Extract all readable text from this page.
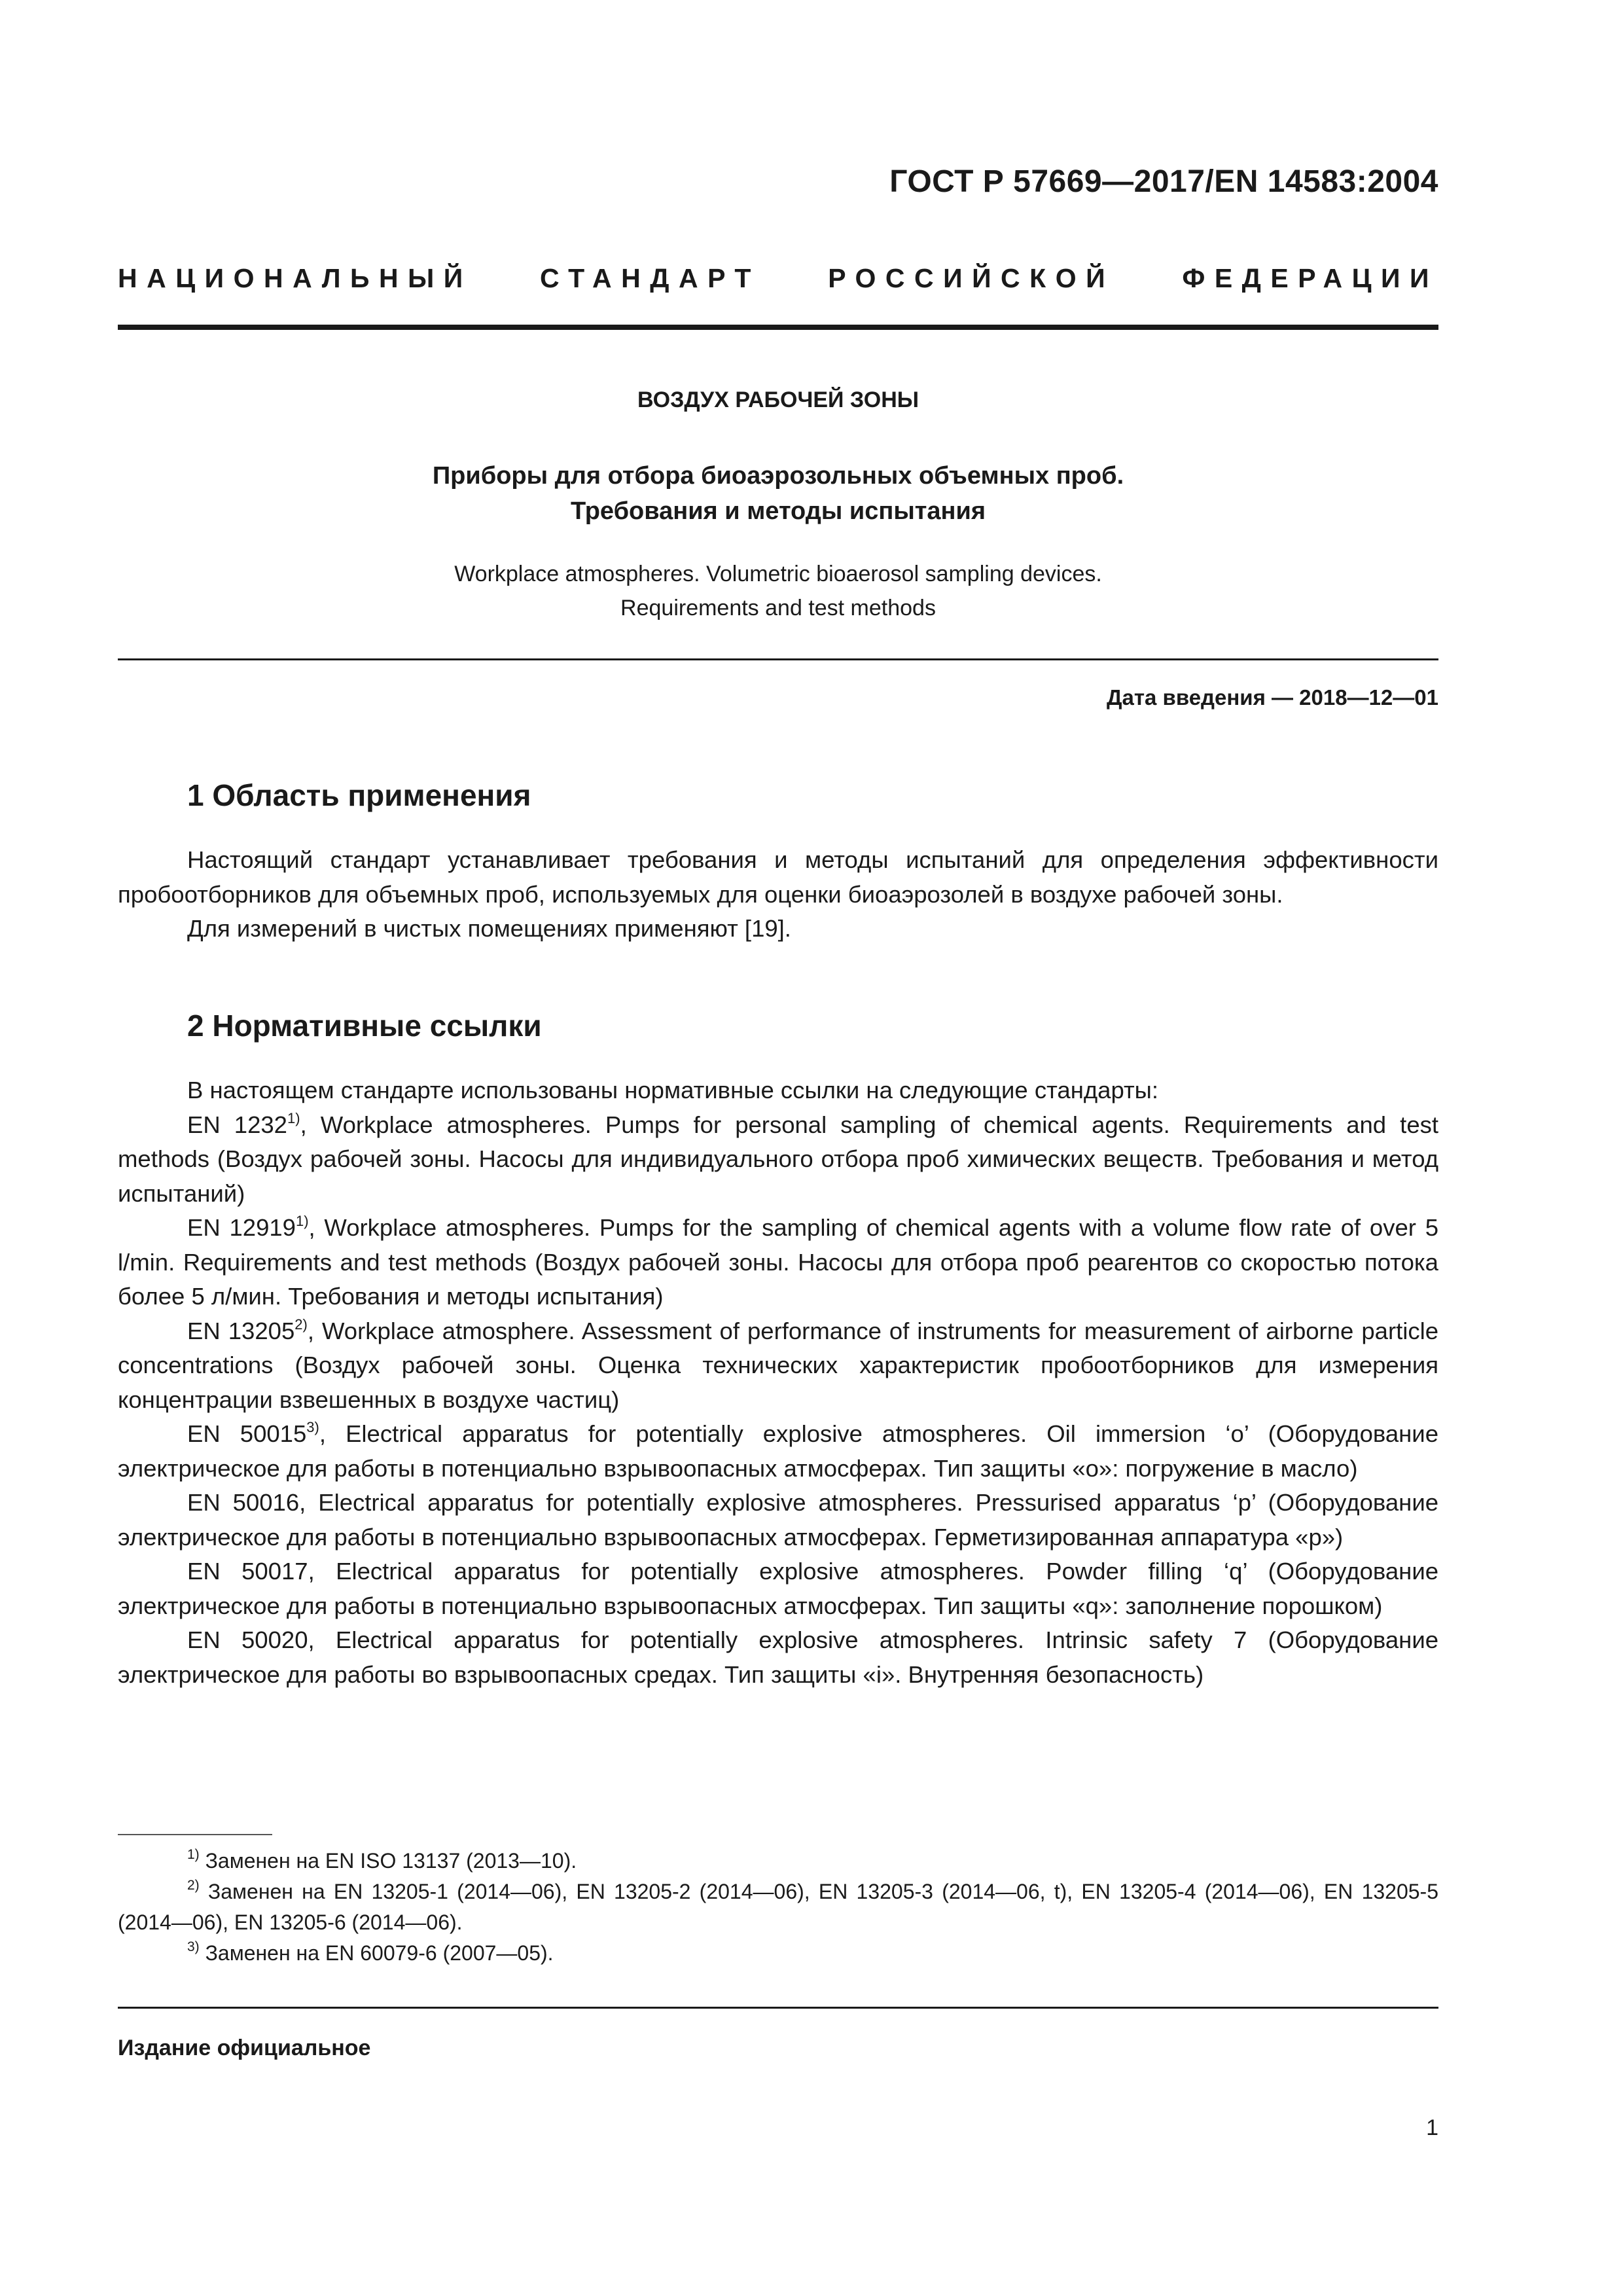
ГОСТ Р 57669—2017/EN 14583:2004
НАЦИОНАЛЬНЫЙ	СТАНДАРТ	РОССИЙСКОЙ	ФЕДЕРАЦИИ
ВОЗДУХ РАБОЧЕЙ ЗОНЫ
Приборы для отбора биоаэрозольных объемных проб.
Требования и методы испытания
Workplace atmospheres. Volumetric bioaerosol sampling devices.
Requirements and test methods
Дата введения — 2018—12—01
1 Область применения

Настоящий стандарт устанавливает требования и методы испытаний для определения эффективности пробоотборников для объемных проб, используемых для оценки биоаэрозолей в воздухе рабочей зоны.

Для измерений в чистых помещениях применяют [19].

2 Нормативные ссылки

В настоящем стандарте использованы нормативные ссылки на следующие стандарты:

EN 1232$^{1)}$, Workplace atmospheres. Pumps for personal sampling of chemical agents. Requirements and test methods (Воздух рабочей зоны. Насосы для индивидуального отбора проб химических веществ. Требования и метод испытаний)

EN 12919$^{1)}$, Workplace atmospheres. Pumps for the sampling of chemical agents with a volume flow rate of over 5 l/min. Requirements and test methods (Воздух рабочей зоны. Насосы для отбора проб реагентов со скоростью потока более 5 л/мин. Требования и методы испытания)

EN 13205$^{2)}$, Workplace atmosphere. Assessment of performance of instruments for measurement of airborne particle concentrations (Воздух рабочей зоны. Оценка технических характеристик пробоотборников для измерения концентрации взвешенных в воздухе частиц)

EN 50015$^{3)}$, Electrical apparatus for potentially explosive atmospheres. Oil immersion ‘o’ (Оборудование электрическое для работы в потенциально взрывоопасных атмосферах. Тип защиты «о»: погружение в масло)

EN 50016, Electrical apparatus for potentially explosive atmospheres. Pressurised apparatus ‘p’ (Оборудование электрическое для работы в потенциально взрывоопасных атмосферах. Герметизированная аппаратура «р»)

EN 50017, Electrical apparatus for potentially explosive atmospheres. Powder filling ‘q’ (Оборудование электрическое для работы в потенциально взрывоопасных атмосферах. Тип защиты «q»: заполнение порошком)

EN 50020, Electrical apparatus for potentially explosive atmospheres. Intrinsic safety 7 (Оборудование электрическое для работы во взрывоопасных средах. Тип защиты «i». Внутренняя безопасность)

$^{1)}$ Заменен на EN ISO 13137 (2013—10).

$^{2)}$ Заменен на EN 13205-1 (2014—06), EN 13205-2 (2014—06), EN 13205-3 (2014—06, t), EN 13205-4 (2014—06), EN 13205-5 (2014—06), EN 13205-6 (2014—06).

$^{3)}$ Заменен на EN 60079-6 (2007—05).

Издание официальное
1
